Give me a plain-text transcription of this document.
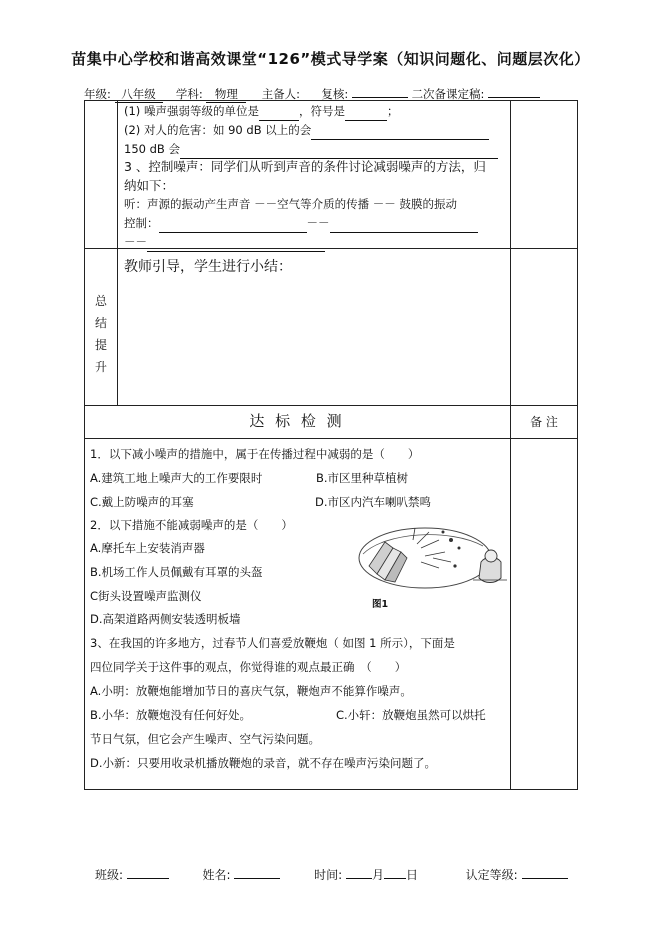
苗集中心学校和谐高效课堂“126”模式导学案（知识问题化、问题层次化）
年级: 八年级 学科: 物理 主备人: 复核:	二次备课定稿:
(1) 噪声强弱等级的单位是	，符号是	；
(2) 对人的危害：如 90 dB 以上的会
150 dB 会
3 、控制噪声：同学们从听到声音的条件讨论减弱噪声的方法，归
纳如下：
听：声源的振动产生声音 －－空气等介质的传播 －－ 鼓膜的振动
控制：	－－
－－
总
结
提
升
教师引导，学生进行小结：
达 标 检 测	备 注
1．以下减小噪声的措施中，属于在传播过程中减弱的是（　　）
A.建筑工地上噪声大的工作要限时	B.市区里种草植树
C.戴上防噪声的耳塞	D.市区内汽车喇叭禁鸣
2．以下措施不能减弱噪声的是（　　）
A.摩托车上安装消声器
B.机场工作人员佩戴有耳罩的头盔
C街头设置噪声监测仪
D.高架道路两侧安装透明板墙
图1
3、在我国的许多地方，过春节人们喜爱放鞭炮（ 如图 1 所示），下面是
四位同学关于这件事的观点，你觉得谁的观点最正确　（　　）
A.小明：放鞭炮能增加节日的喜庆气氛，鞭炮声不能算作噪声。
B.小华：放鞭炮没有任何好处。	C.小轩：放鞭炮虽然可以烘托
节日气氛，但它会产生噪声、空气污染问题。
D.小新：只要用收录机播放鞭炮的录音，就不存在噪声污染问题了。
班级:	姓名:	时间: 月 日	认定等级:
